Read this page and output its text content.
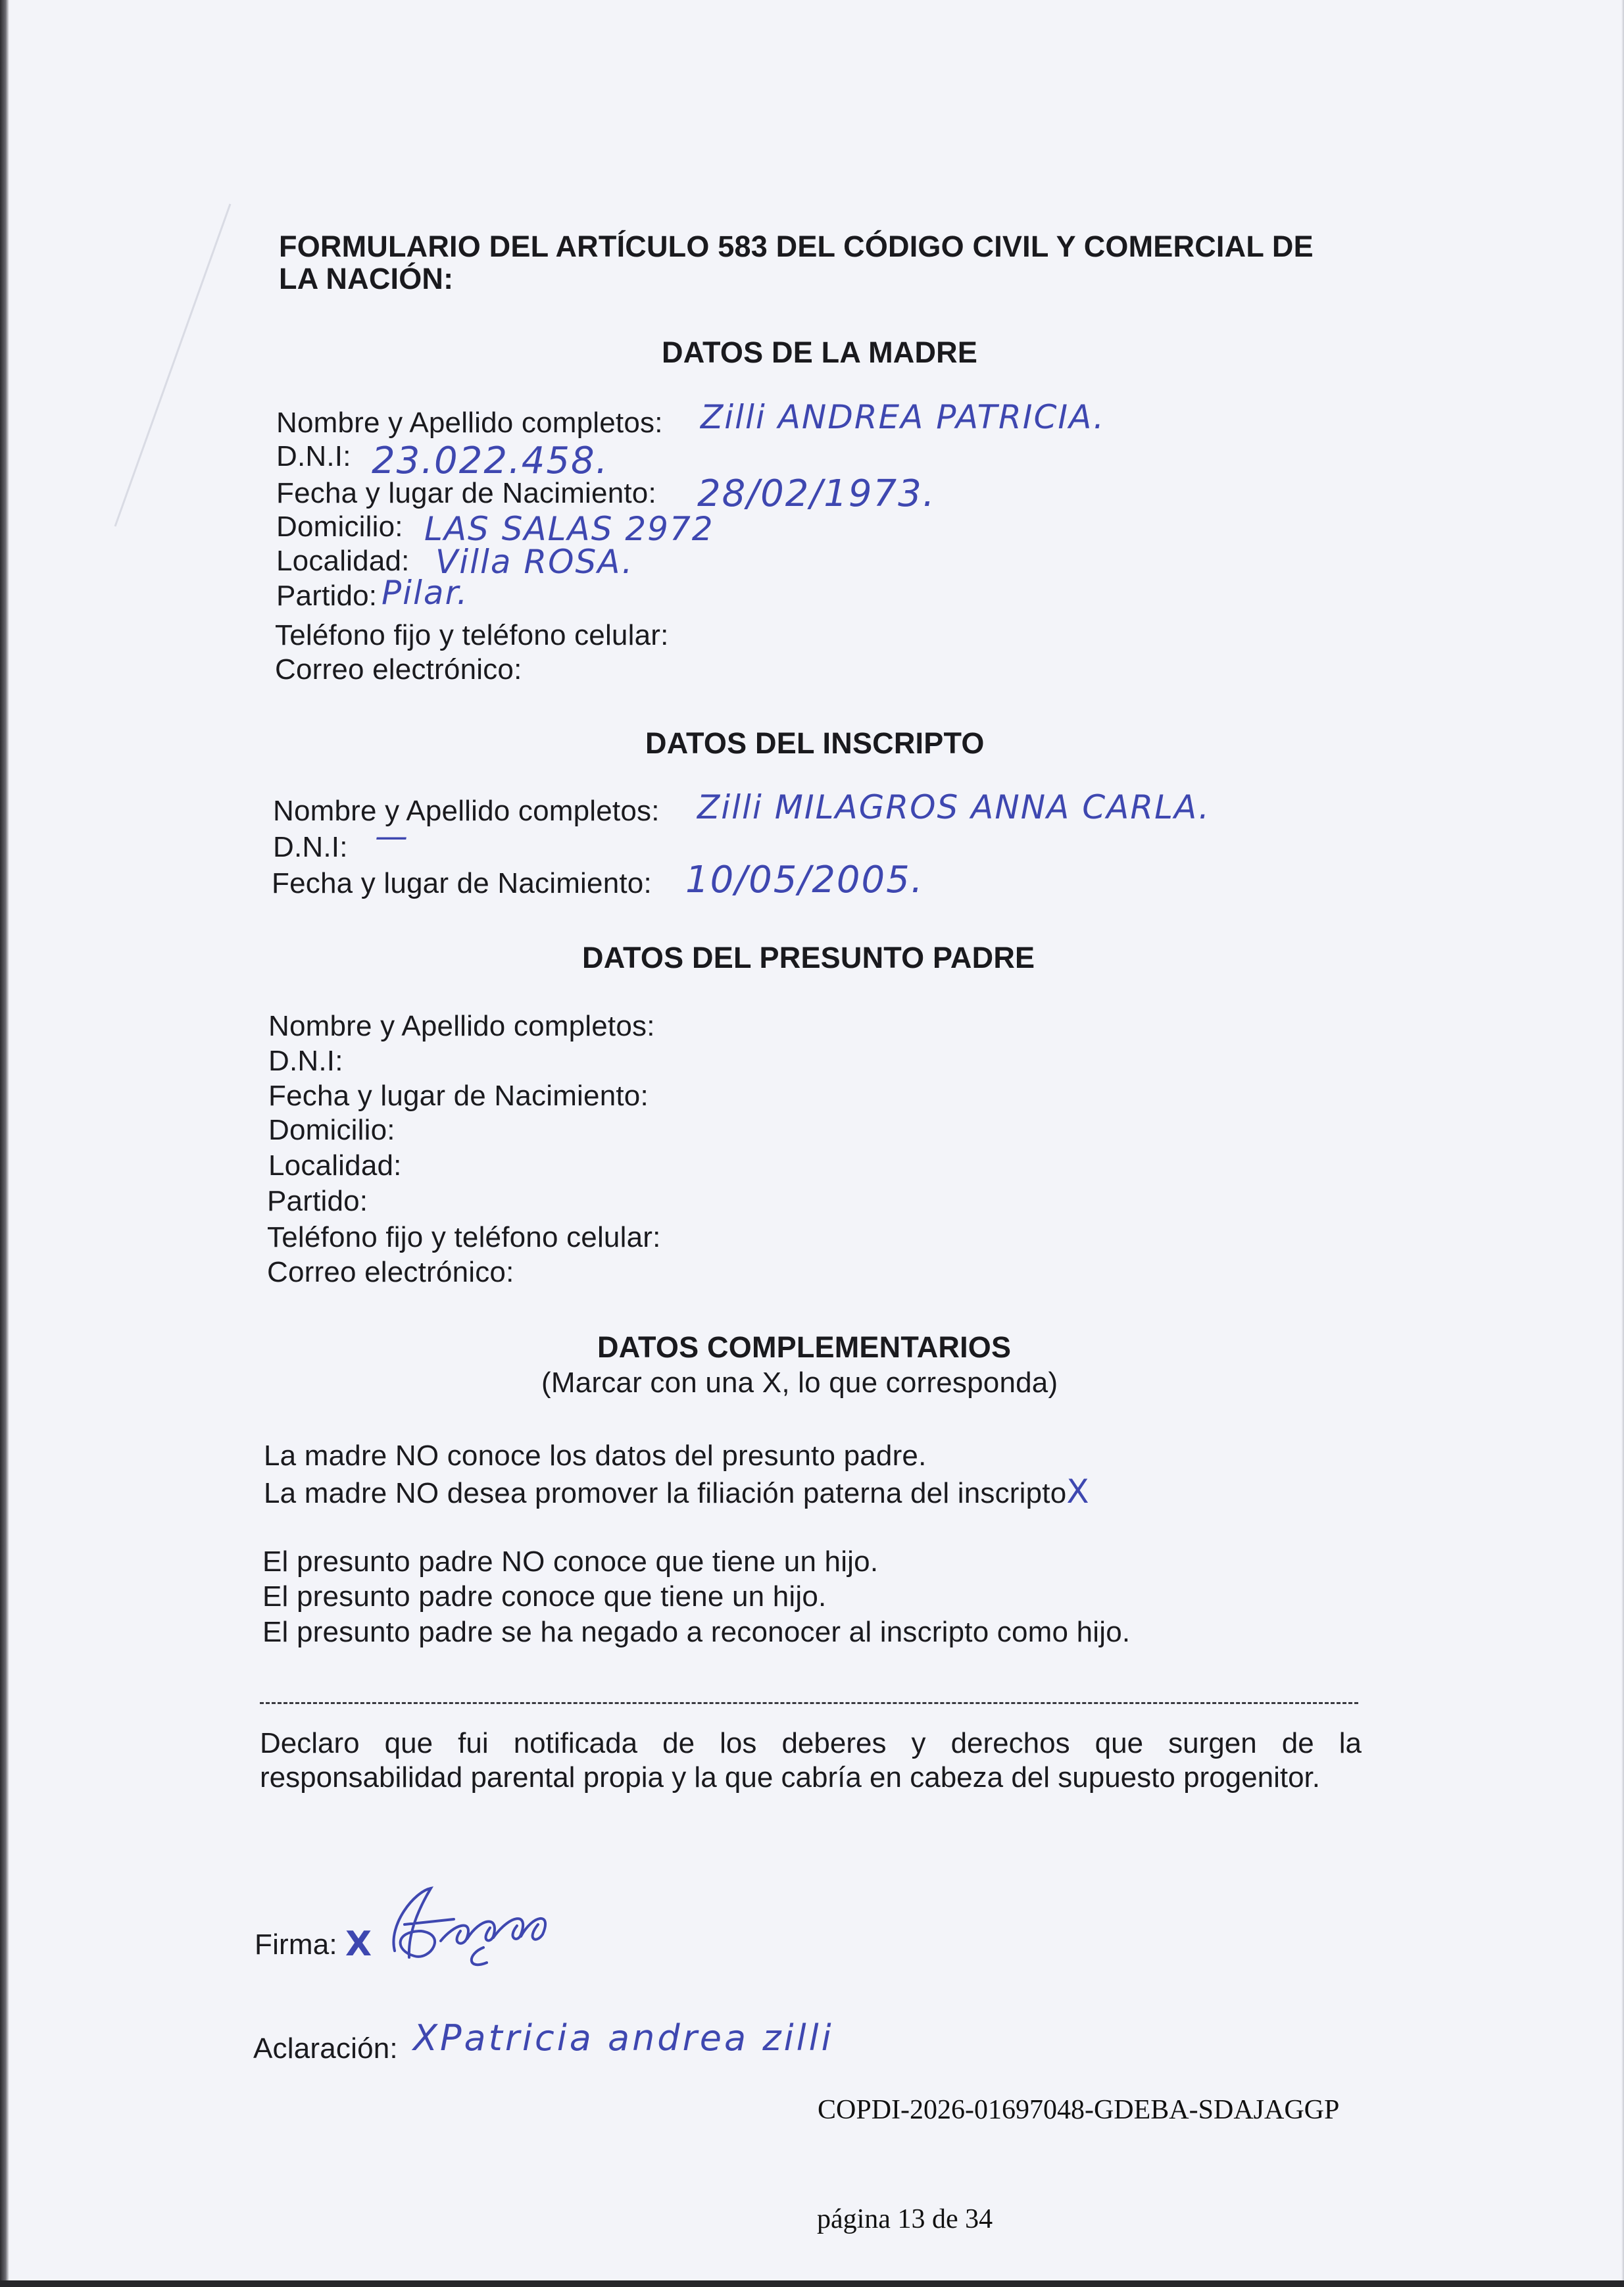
FORMULARIO DEL ARTÍCULO 583 DEL CÓDIGO CIVIL Y COMERCIAL DE
LA NACIÓN:
DATOS DE LA MADRE
Nombre y Apellido completos: Zilli ANDREA PATRICIA.
D.N.I: 23.022.458.
Fecha y lugar de Nacimiento: 28/02/1973.
Domicilio: LAS SALAS 2972
Localidad: Villa ROSA.
Partido: Pilar.
Teléfono fijo y teléfono celular:
Correo electrónico:
DATOS DEL INSCRIPTO
Nombre y Apellido completos: Zilli MILAGROS ANNA CARLA.
D.N.I: —
Fecha y lugar de Nacimiento: 10/05/2005.
DATOS DEL PRESUNTO PADRE
Nombre y Apellido completos:
D.N.I:
Fecha y lugar de Nacimiento:
Domicilio:
Localidad:
Partido:
Teléfono fijo y teléfono celular:
Correo electrónico:
DATOS COMPLEMENTARIOS
(Marcar con una X, lo que corresponda)
La madre NO conoce los datos del presunto padre.
La madre NO desea promover la filiación paterna del inscriptoX
El presunto padre NO conoce que tiene un hijo.
El presunto padre conoce que tiene un hijo.
El presunto padre se ha negado a reconocer al inscripto como hijo.
Declaro que fui notificada de los deberes y derechos que surgen de la responsabilidad parental propia y la que cabría en cabeza del supuesto progenitor.
Firma: X
Aclaración: XPatricia andrea zilli
COPDI-2026-01697048-GDEBA-SDAJAGGP
página 13 de 34
